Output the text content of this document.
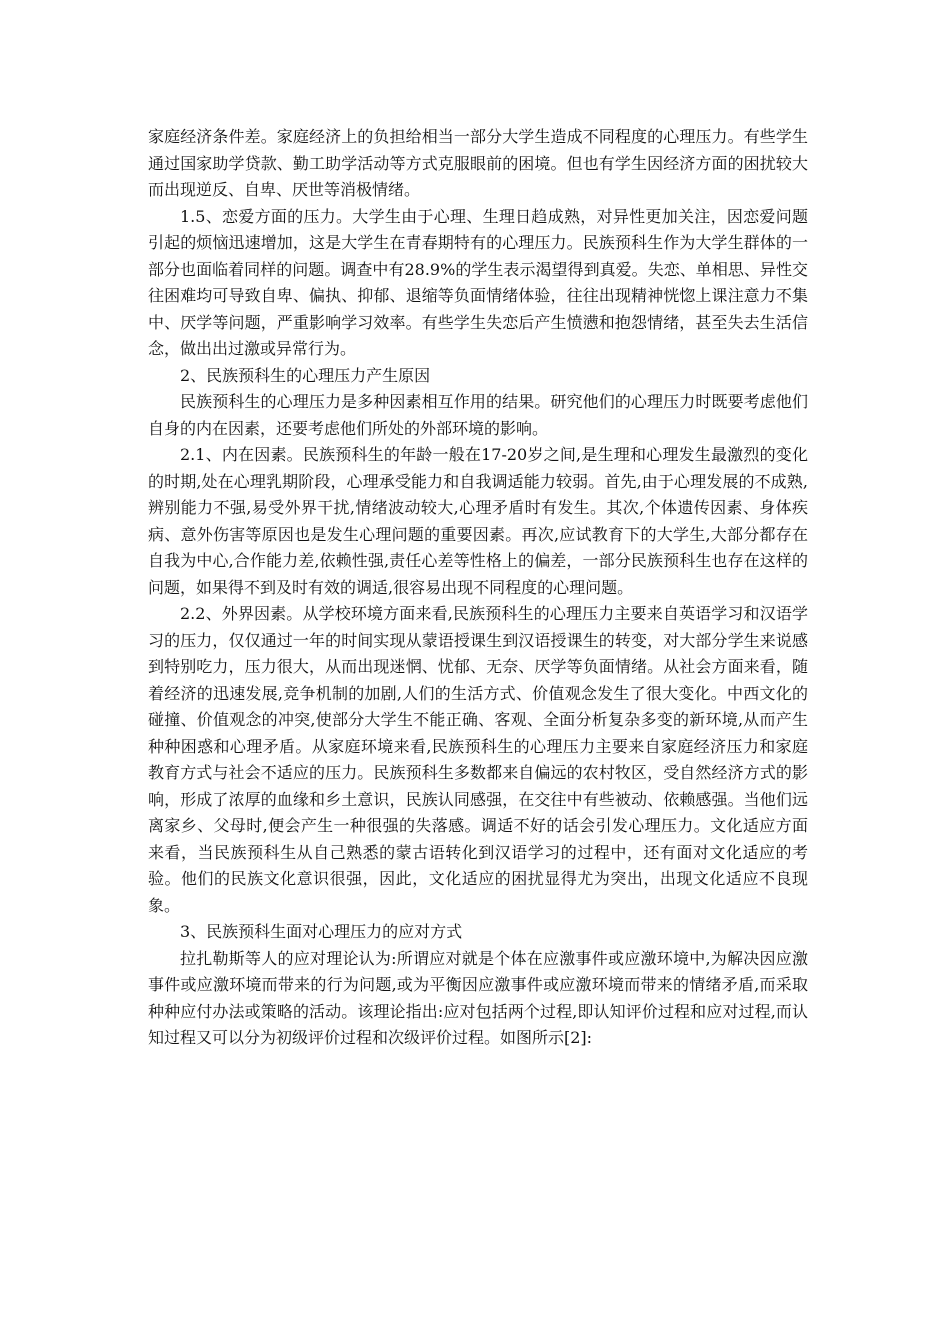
家庭经济条件差。家庭经济上的负担给相当一部分大学生造成不同程度的心理压力。有些学生通过国家助学贷款、勤工助学活动等方式克服眼前的困境。但也有学生因经济方面的困扰较大而出现逆反、自卑、厌世等消极情绪。

1.5、恋爱方面的压力。大学生由于心理、生理日趋成熟，对异性更加关注，因恋爱问题引起的烦恼迅速增加，这是大学生在青春期特有的心理压力。民族预科生作为大学生群体的一部分也面临着同样的问题。调查中有28.9%的学生表示渴望得到真爱。失恋、单相思、异性交往困难均可导致自卑、偏执、抑郁、退缩等负面情绪体验，往往出现精神恍惚上课注意力不集中、厌学等问题，严重影响学习效率。有些学生失恋后产生愤懑和抱怨情绪，甚至失去生活信念，做出出过激或异常行为。

2、民族预科生的心理压力产生原因

民族预科生的心理压力是多种因素相互作用的结果。研究他们的心理压力时既要考虑他们自身的内在因素，还要考虑他们所处的外部环境的影响。

2.1、内在因素。民族预科生的年龄一般在17-20岁之间,是生理和心理发生最激烈的变化的时期,处在心理乳期阶段，心理承受能力和自我调适能力较弱。首先,由于心理发展的不成熟,辨别能力不强,易受外界干扰,情绪波动较大,心理矛盾时有发生。其次,个体遗传因素、身体疾病、意外伤害等原因也是发生心理问题的重要因素。再次,应试教育下的大学生,大部分都存在自我为中心,合作能力差,依赖性强,责任心差等性格上的偏差，一部分民族预科生也存在这样的问题，如果得不到及时有效的调适,很容易出现不同程度的心理问题。

2.2、外界因素。从学校环境方面来看,民族预科生的心理压力主要来自英语学习和汉语学习的压力，仅仅通过一年的时间实现从蒙语授课生到汉语授课生的转变，对大部分学生来说感到特别吃力，压力很大，从而出现迷惘、忧郁、无奈、厌学等负面情绪。从社会方面来看，随着经济的迅速发展,竞争机制的加剧,人们的生活方式、价值观念发生了很大变化。中西文化的碰撞、价值观念的冲突,使部分大学生不能正确、客观、全面分析复杂多变的新环境,从而产生种种困惑和心理矛盾。从家庭环境来看,民族预科生的心理压力主要来自家庭经济压力和家庭教育方式与社会不适应的压力。民族预科生多数都来自偏远的农村牧区，受自然经济方式的影响，形成了浓厚的血缘和乡土意识，民族认同感强，在交往中有些被动、依赖感强。当他们远离家乡、父母时,便会产生一种很强的失落感。调适不好的话会引发心理压力。文化适应方面来看，当民族预科生从自己熟悉的蒙古语转化到汉语学习的过程中，还有面对文化适应的考验。他们的民族文化意识很强，因此，文化适应的困扰显得尤为突出，出现文化适应不良现象。

3、民族预科生面对心理压力的应对方式

拉扎勒斯等人的应对理论认为:所谓应对就是个体在应激事件或应激环境中,为解决因应激事件或应激环境而带来的行为问题,或为平衡因应激事件或应激环境而带来的情绪矛盾,而采取种种应付办法或策略的活动。该理论指出:应对包括两个过程,即认知评价过程和应对过程,而认知过程又可以分为初级评价过程和次级评价过程。如图所示[2]:
